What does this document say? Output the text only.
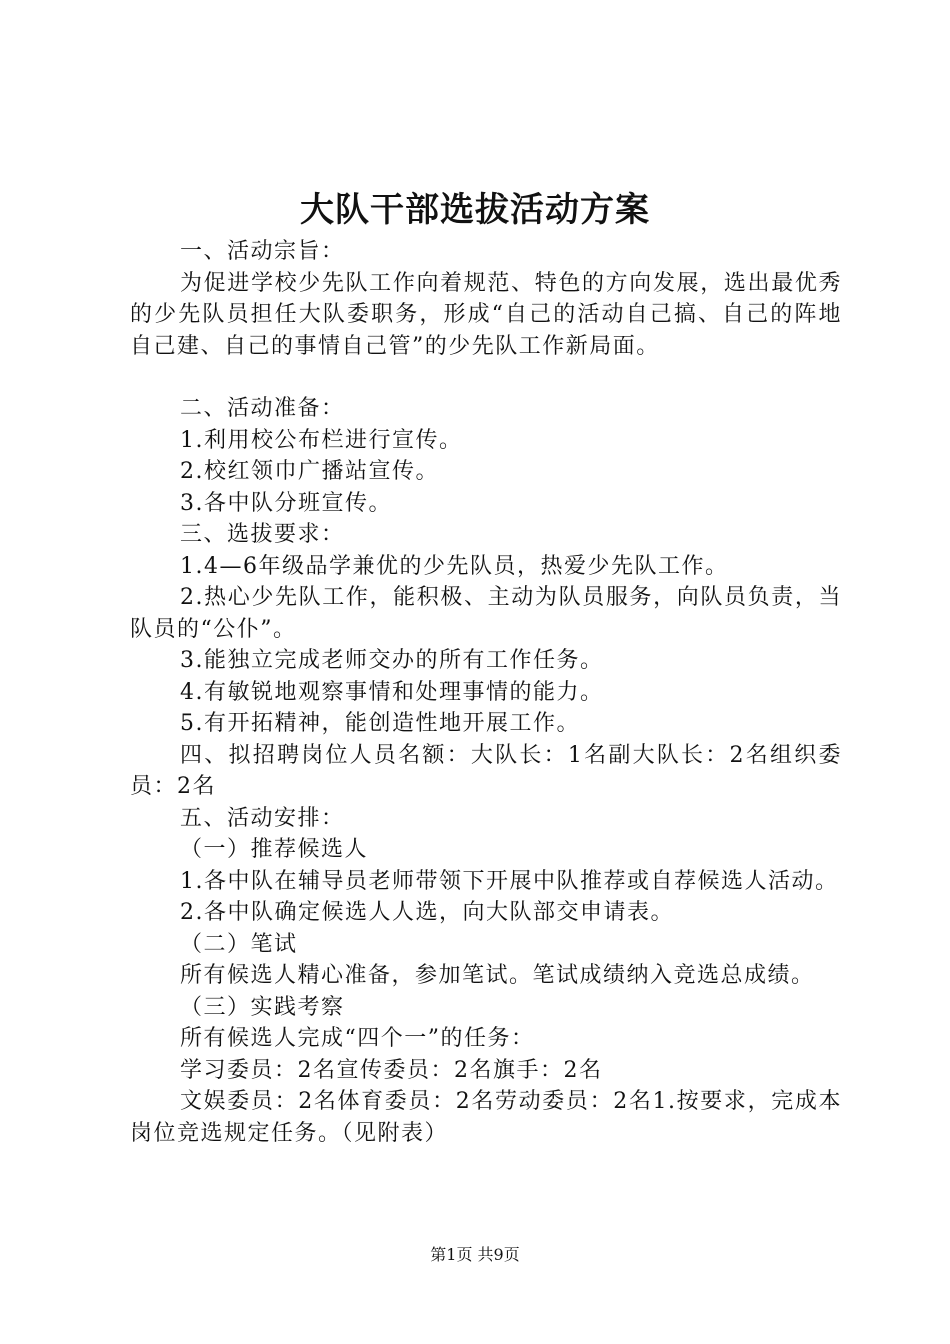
大队干部选拔活动方案

一、活动宗旨：

为促进学校少先队工作向着规范、特色的方向发展，选出最优秀的少先队员担任大队委职务，形成“自己的活动自己搞、自己的阵地自己建、自己的事情自己管”的少先队工作新局面。

二、活动准备：

1.利用校公布栏进行宣传。

2.校红领巾广播站宣传。

3.各中队分班宣传。

三、选拔要求：

1.4—6年级品学兼优的少先队员，热爱少先队工作。

2.热心少先队工作，能积极、主动为队员服务，向队员负责，当队员的“公仆”。

3.能独立完成老师交办的所有工作任务。

4.有敏锐地观察事情和处理事情的能力。

5.有开拓精神，能创造性地开展工作。

四、拟招聘岗位人员名额：大队长：1名副大队长：2名组织委员：2名

五、活动安排：

（一）推荐候选人

1.各中队在辅导员老师带领下开展中队推荐或自荐候选人活动。

2.各中队确定候选人人选，向大队部交申请表。

（二）笔试

所有候选人精心准备，参加笔试。笔试成绩纳入竞选总成绩。

（三）实践考察

所有候选人完成“四个一”的任务：

学习委员：2名宣传委员：2名旗手：2名

文娱委员：2名体育委员：2名劳动委员：2名1.按要求，完成本岗位竞选规定任务。（见附表）

第1页 共9页
